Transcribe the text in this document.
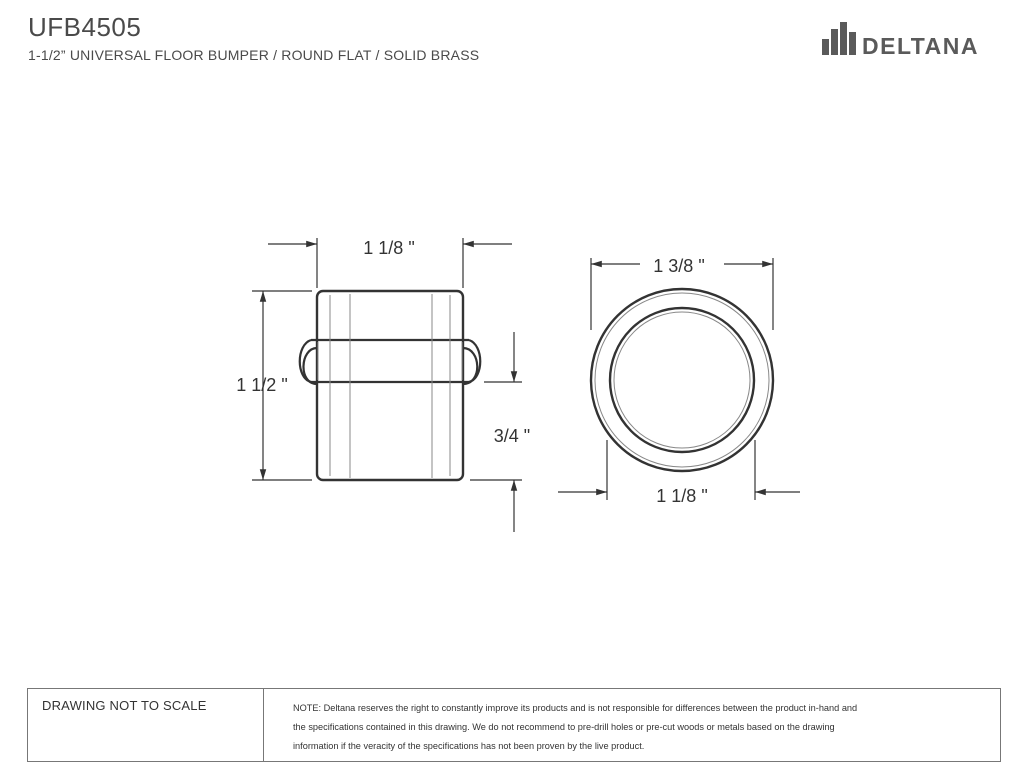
UFB4505
1-1/2” UNIVERSAL FLOOR BUMPER / ROUND FLAT / SOLID BRASS	DELTANA
1 1/8 "
1 1/2 "
3/4 "
1 3/8 "
1 1/8 "
DRAWING NOT TO SCALE	NOTE: Deltana reserves the right to constantly improve its products and is not responsible for differences between the product in-hand and
the specifications contained in this drawing. We do not recommend to pre-drill holes or pre-cut woods or metals based on the drawing
information if the veracity of the specifications has not been proven by the live product.
